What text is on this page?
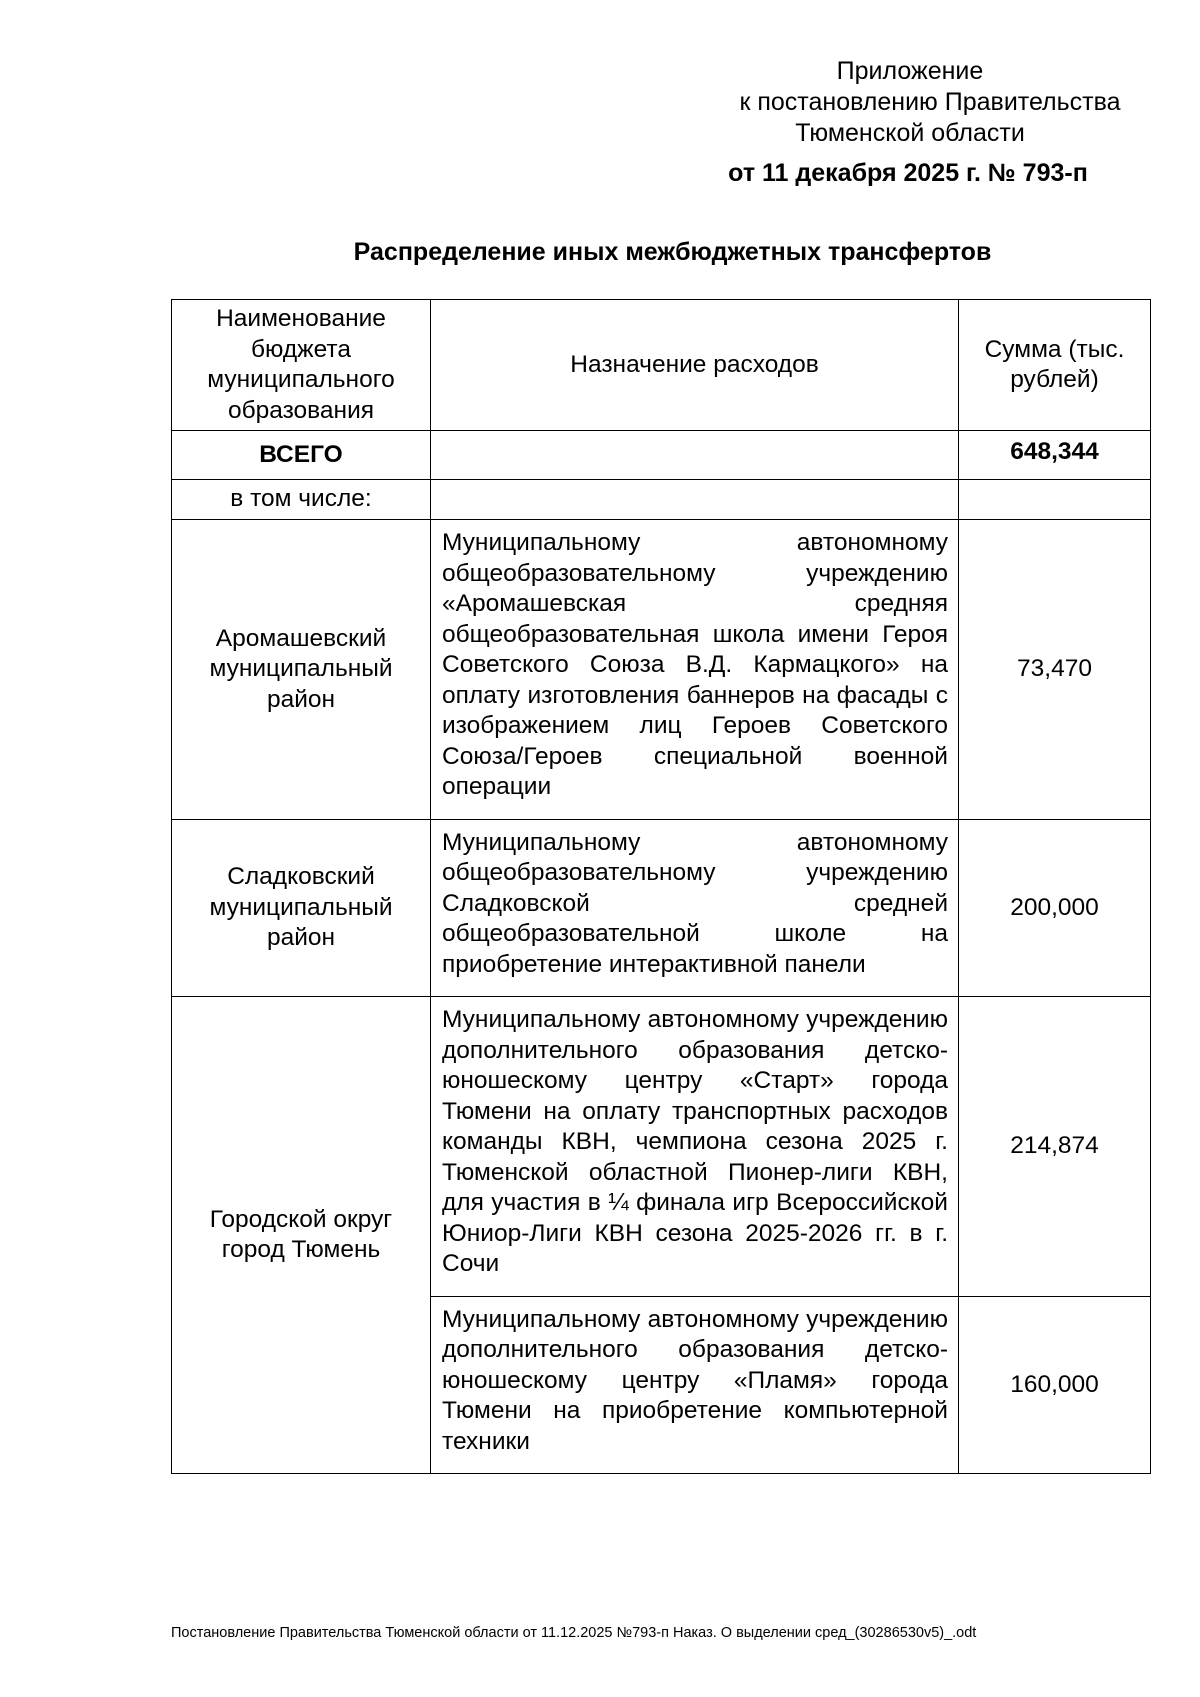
Приложение
к постановлению Правительства
Тюменской области
от 11 декабря 2025 г. № 793-п
Распределение иных межбюджетных трансфертов
Наименование бюджета муниципального образования	Назначение расходов	Сумма (тыс. рублей)
ВСЕГО		648,344
в том числе:		
Аромашевский муниципальный район	Муниципальному автономному общеобразовательному учреждению «Аромашевская средняя общеобразовательная школа имени Героя Советского Союза В.Д. Кармацкого» на оплату изготовления баннеров на фасады с изображением лиц Героев Советского Союза/Героев специальной военной операции	73,470
Сладковский муниципальный район	Муниципальному автономному общеобразовательному учреждению Сладковской средней общеобразовательной школе на приобретение интерактивной панели	200,000
Городской округ город Тюмень	Муниципальному автономному учреждению дополнительного образования детско-юношескому центру «Старт» города Тюмени на оплату транспортных расходов команды КВН, чемпиона сезона 2025 г. Тюменской областной Пионер-лиги КВН, для участия в ¼ финала игр Всероссийской Юниор-Лиги КВН сезона 2025-2026 гг. в г. Сочи	214,874
	Муниципальному автономному учреждению дополнительного образования детско-юношескому центру «Пламя» города Тюмени на приобретение компьютерной техники	160,000
Постановление Правительства Тюменской области от 11.12.2025 №793-п Наказ. О выделении сред_(30286530v5)_.odt
